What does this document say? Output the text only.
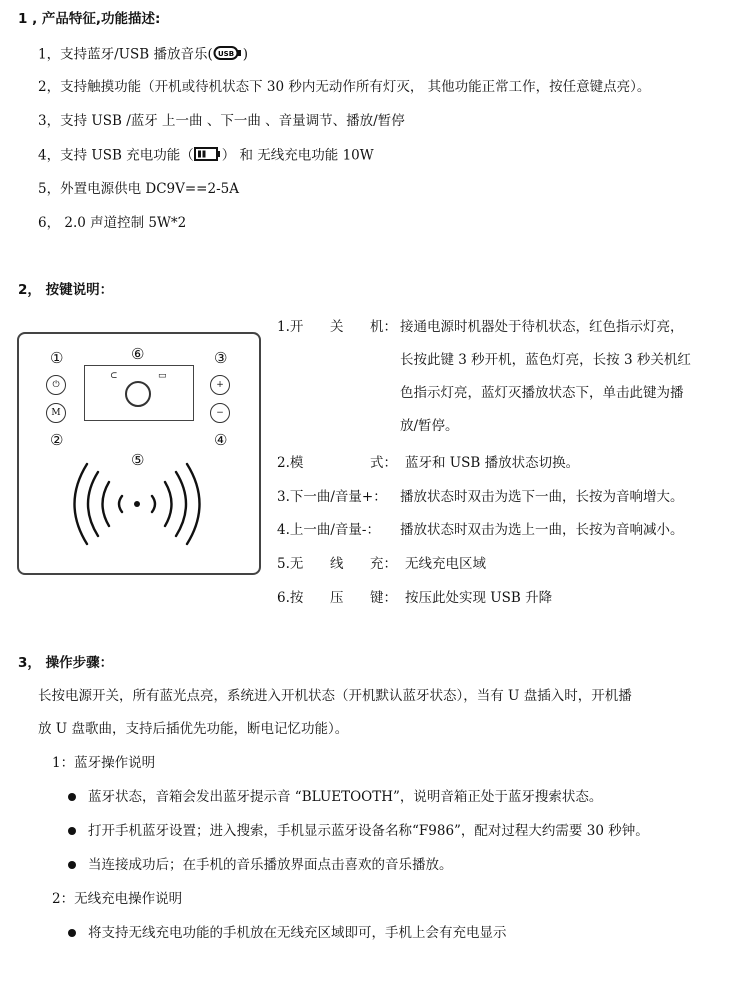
1 , 产品特征,功能描述:
1，支持蓝牙/USB 播放音乐( USB )
2，支持触摸功能（开机或待机状态下 30 秒内无动作所有灯灭， 其他功能正常工作，按任意键点亮）。
3，支持 USB /蓝牙 上一曲 、下一曲 、音量调节、播放/暂停
4，支持 USB 充电功能（ ） 和 无线充电功能 10W
5，外置电源供电 DC9V==2-5A
6， 2.0 声道控制 5W*2
2， 按键说明：
⊂	▭
①
②
③
④
⑤
⑥
⏻
M
+
−
1.开 关 机： 接通电源时机器处于待机状态，红色指示灯亮，
长按此键 3 秒开机，蓝色灯亮，长按 3 秒关机红
色指示灯亮，蓝灯灭播放状态下，单击此键为播
放/暂停。
2.模	式： 蓝牙和 USB 播放状态切换。
3.下一曲/音量+： 播放状态时双击为选下一曲，长按为音响增大。
4.上一曲/音量-： 播放状态时双击为选上一曲，长按为音响减小。
5.无 线 充： 无线充电区域
6.按 压 键： 按压此处实现 USB 升降
3， 操作步骤：
长按电源开关，所有蓝光点亮，系统进入开机状态（开机默认蓝牙状态），当有 U 盘插入时，开机播
放 U 盘歌曲，支持后插优先功能，断电记忆功能）。
1：蓝牙操作说明
蓝牙状态，音箱会发出蓝牙提示音 “BLUETOOTH”，说明音箱正处于蓝牙搜索状态。
打开手机蓝牙设置；进入搜索，手机显示蓝牙设备名称“F986”，配对过程大约需要 30 秒钟。
当连接成功后；在手机的音乐播放界面点击喜欢的音乐播放。
2：无线充电操作说明
将支持无线充电功能的手机放在无线充区域即可，手机上会有充电显示
